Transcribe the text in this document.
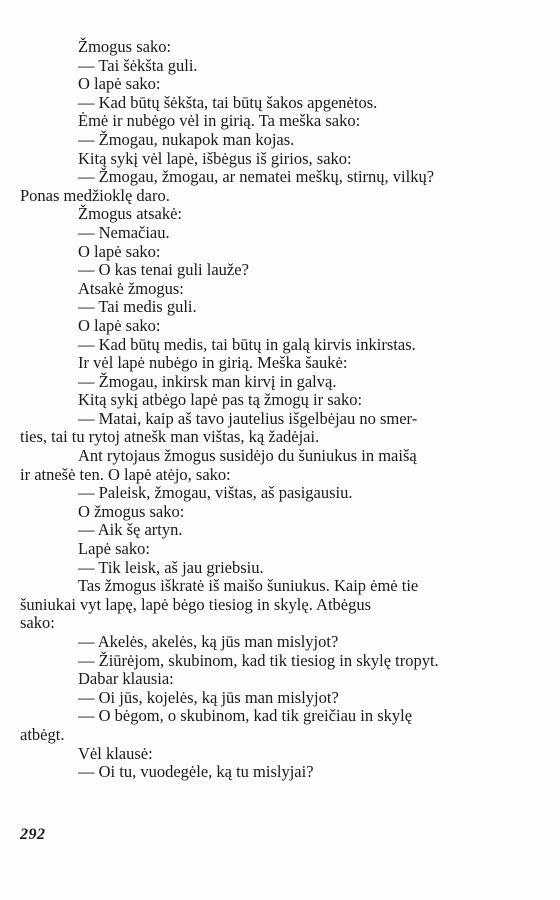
Žmogus sako:
— Tai šėkšta guli.
O lapė sako:
— Kad būtų šėkšta, tai būtų šakos apgenėtos.
Ėmė ir nubėgo vėl in girią. Ta meška sako:
— Žmogau, nukapok man kojas.
Kitą sykį vėl lapė, išbėgus iš girios, sako:
— Žmogau, žmogau, ar nematei meškų, stirnų, vilkų?
Ponas medžioklę daro.
Žmogus atsakė:
— Nemačiau.
O lapė sako:
— O kas tenai guli lauže?
Atsakė žmogus:
— Tai medis guli.
O lapė sako:
— Kad būtų medis, tai būtų in galą kirvis inkirstas.
Ir vėl lapė nubėgo in girią. Meška šaukė:
— Žmogau, inkirsk man kirvį in galvą.
Kitą sykį atbėgo lapė pas tą žmogų ir sako:
— Matai, kaip aš tavo jautelius išgelbėjau no smer-
ties, tai tu rytoj atnešk man vištas, ką žadėjai.
Ant rytojaus žmogus susidėjo du šuniukus in maišą
ir atnešė ten. O lapė atėjo, sako:
— Paleisk, žmogau, vištas, aš pasigausiu.
O žmogus sako:
— Aik šę artyn.
Lapė sako:
— Tik leisk, aš jau griebsiu.
Tas žmogus iškratė iš maišo šuniukus. Kaip ėmė tie
šuniukai vyt lapę, lapė bėgo tiesiog in skylę. Atbėgus
sako:
— Akelės, akelės, ką jūs man mislyjot?
— Žiūrėjom, skubinom, kad tik tiesiog in skylę tropyt.
Dabar klausia:
— Oi jūs, kojelės, ką jūs man mislyjot?
— O bėgom, o skubinom, kad tik greičiau in skylę
atbėgt.
Vėl klausė:
— Oi tu, vuodegėle, ką tu mislyjai?
292
